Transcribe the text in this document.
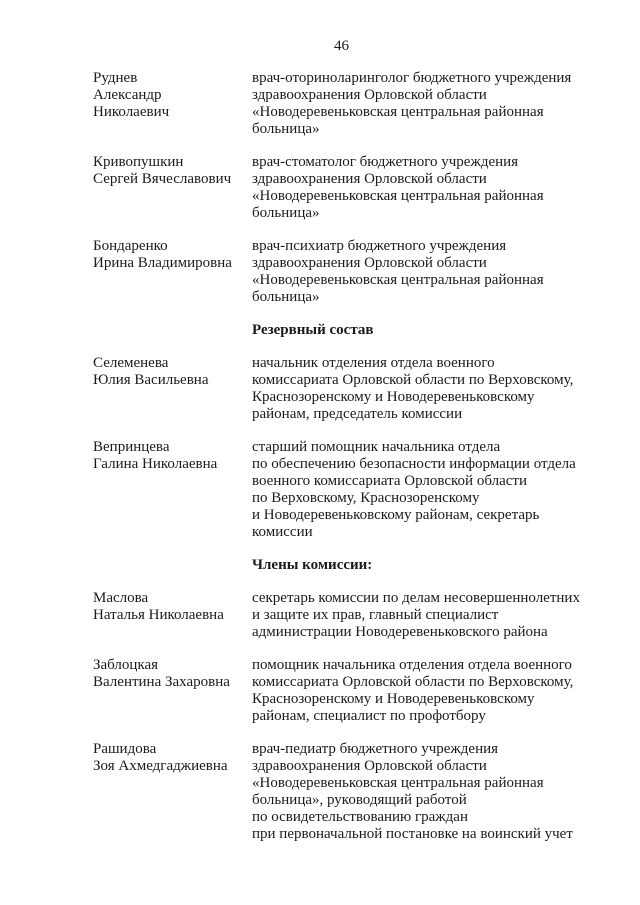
46
Руднев
Александр
Николаевич
врач-оториноларинголог бюджетного учреждения
здравоохранения Орловской области
«Новодеревеньковская центральная районная
больница»
Кривопушкин
Сергей Вячеславович
врач-стоматолог бюджетного учреждения
здравоохранения Орловской области
«Новодеревеньковская центральная районная
больница»
Бондаренко
Ирина Владимировна
врач-психиатр бюджетного учреждения
здравоохранения Орловской области
«Новодеревеньковская центральная районная
больница»
Резервный состав
Селеменева
Юлия Васильевна
начальник отделения отдела военного
комиссариата Орловской области по Верховскому,
Краснозоренскому и Новодеревеньковскому
районам, председатель комиссии
Вепринцева
Галина Николаевна
старший помощник начальника отдела
по обеспечению безопасности информации отдела
военного комиссариата Орловской области
по Верховскому, Краснозоренскому
и Новодеревеньковскому районам, секретарь
комиссии
Члены комиссии:
Маслова
Наталья Николаевна
секретарь комиссии по делам несовершеннолетних
и защите их прав, главный специалист
администрации Новодеревеньковского района
Заблоцкая
Валентина Захаровна
помощник начальника отделения отдела военного
комиссариата Орловской области по Верховскому,
Краснозоренскому и Новодеревеньковскому
районам, специалист по профотбору
Рашидова
Зоя Ахмедгаджиевна
врач-педиатр бюджетного учреждения
здравоохранения Орловской области
«Новодеревеньковская центральная районная
больница», руководящий работой
по освидетельствованию граждан
при первоначальной постановке на воинский учет
